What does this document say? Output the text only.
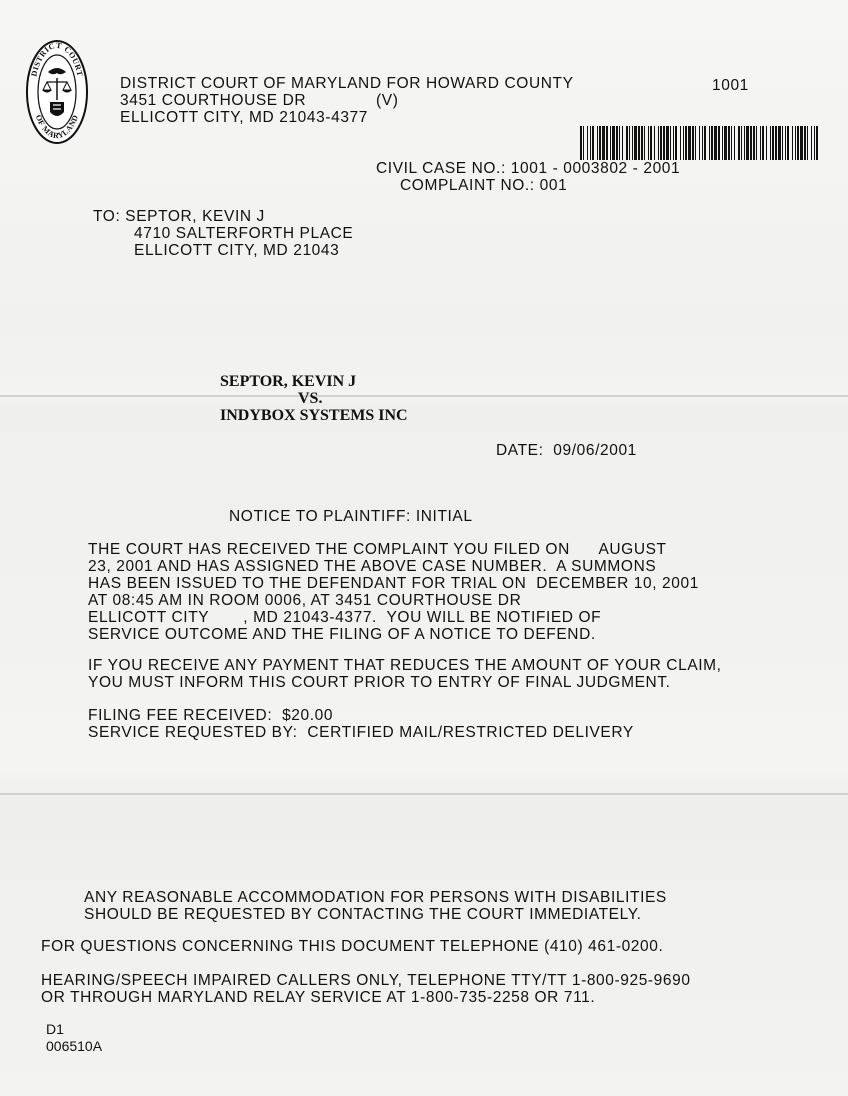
DISTRICT COURT
OF MARYLAND
DISTRICT COURT OF MARYLAND FOR HOWARD COUNTY
3451 COURTHOUSE DR	(V)
ELLICOTT CITY, MD 21043-4377
1001
CIVIL CASE NO.: 1001 - 0003802 - 2001
COMPLAINT NO.: 001
TO: SEPTOR, KEVIN J
4710 SALTERFORTH PLACE
ELLICOTT CITY, MD 21043
SEPTOR, KEVIN J
VS.
INDYBOX SYSTEMS INC
DATE:  09/06/2001
NOTICE TO PLAINTIFF: INITIAL
THE COURT HAS RECEIVED THE COMPLAINT YOU FILED ON      AUGUST
23, 2001 AND HAS ASSIGNED THE ABOVE CASE NUMBER.  A SUMMONS
HAS BEEN ISSUED TO THE DEFENDANT FOR TRIAL ON  DECEMBER 10, 2001
AT 08:45 AM IN ROOM 0006, AT 3451 COURTHOUSE DR
ELLICOTT CITY       , MD 21043-4377.  YOU WILL BE NOTIFIED OF
SERVICE OUTCOME AND THE FILING OF A NOTICE TO DEFEND.
IF YOU RECEIVE ANY PAYMENT THAT REDUCES THE AMOUNT OF YOUR CLAIM,
YOU MUST INFORM THIS COURT PRIOR TO ENTRY OF FINAL JUDGMENT.
FILING FEE RECEIVED:  $20.00
SERVICE REQUESTED BY:  CERTIFIED MAIL/RESTRICTED DELIVERY
ANY REASONABLE ACCOMMODATION FOR PERSONS WITH DISABILITIES
SHOULD BE REQUESTED BY CONTACTING THE COURT IMMEDIATELY.
FOR QUESTIONS CONCERNING THIS DOCUMENT TELEPHONE (410) 461-0200.
HEARING/SPEECH IMPAIRED CALLERS ONLY, TELEPHONE TTY/TT 1-800-925-9690
OR THROUGH MARYLAND RELAY SERVICE AT 1-800-735-2258 OR 711.
D1
006510A
